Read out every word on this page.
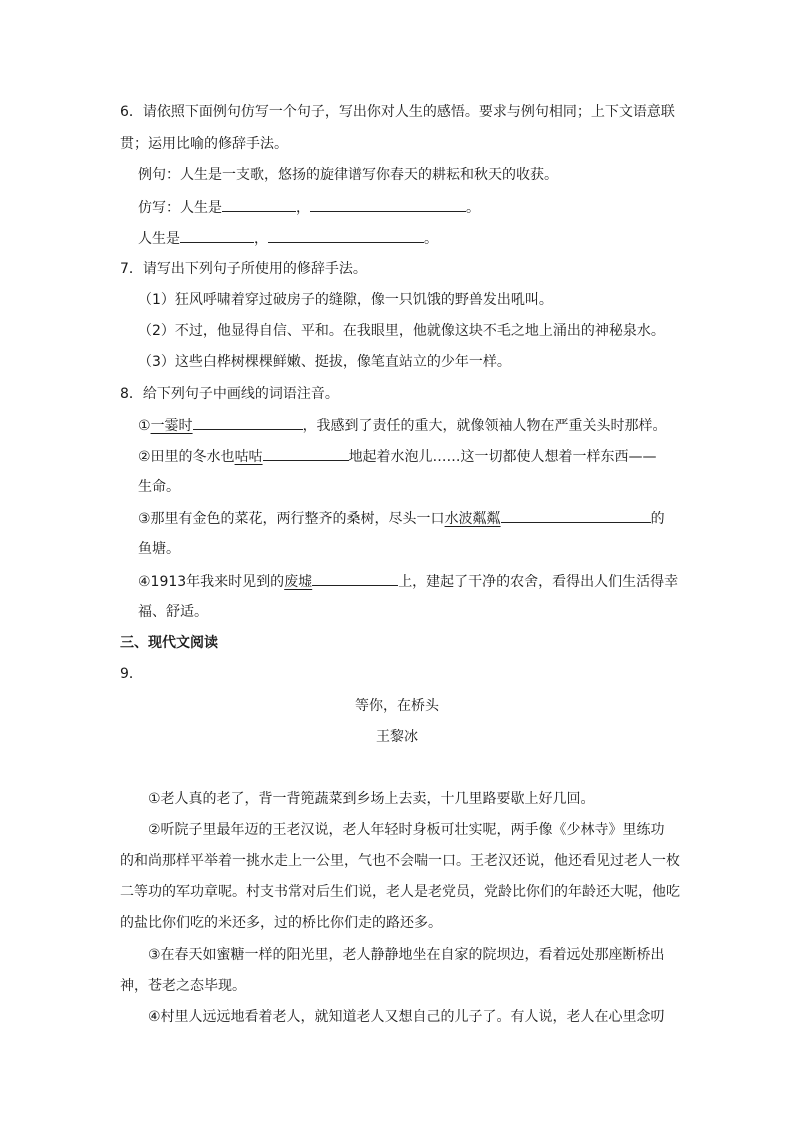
6．请依照下面例句仿写一个句子，写出你对人生的感悟。要求与例句相同；上下文语意联
贯；运用比喻的修辞手法。
例句：人生是一支歌，悠扬的旋律谱写你春天的耕耘和秋天的收获。
仿写：人生是	，	。
人生是	，	。
7．请写出下列句子所使用的修辞手法。
（1）狂风呼啸着穿过破房子的缝隙，像一只饥饿的野兽发出吼叫。
（2）不过，他显得自信、平和。在我眼里，他就像这块不毛之地上涌出的神秘泉水。
（3）这些白桦树棵棵鲜嫩、挺拔，像笔直站立的少年一样。
8．给下列句子中画线的词语注音。
①一霎时	，我感到了责任的重大，就像领袖人物在严重关头时那样。
②田里的冬水也咕咕	地起着水泡儿……这一切都使人想着一样东西——
生命。
③那里有金色的菜花，两行整齐的桑树，尽头一口水波粼粼	的
鱼塘。
④1913年我来时见到的废墟	上，建起了干净的农舍，看得出人们生活得幸
福、舒适。
三、现代文阅读
9．
等你，在桥头
王黎冰
①老人真的老了，背一背篼蔬菜到乡场上去卖，十几里路要歇上好几回。
②听院子里最年迈的王老汉说，老人年轻时身板可壮实呢，两手像《少林寺》里练功
的和尚那样平举着一挑水走上一公里，气也不会喘一口。王老汉还说，他还看见过老人一枚
二等功的军功章呢。村支书常对后生们说，老人是老党员，党龄比你们的年龄还大呢，他吃
的盐比你们吃的米还多，过的桥比你们走的路还多。
③在春天如蜜糖一样的阳光里，老人静静地坐在自家的院坝边，看着远处那座断桥出
神，苍老之态毕现。
④村里人远远地看着老人，就知道老人又想自己的儿子了。有人说，老人在心里念叨
